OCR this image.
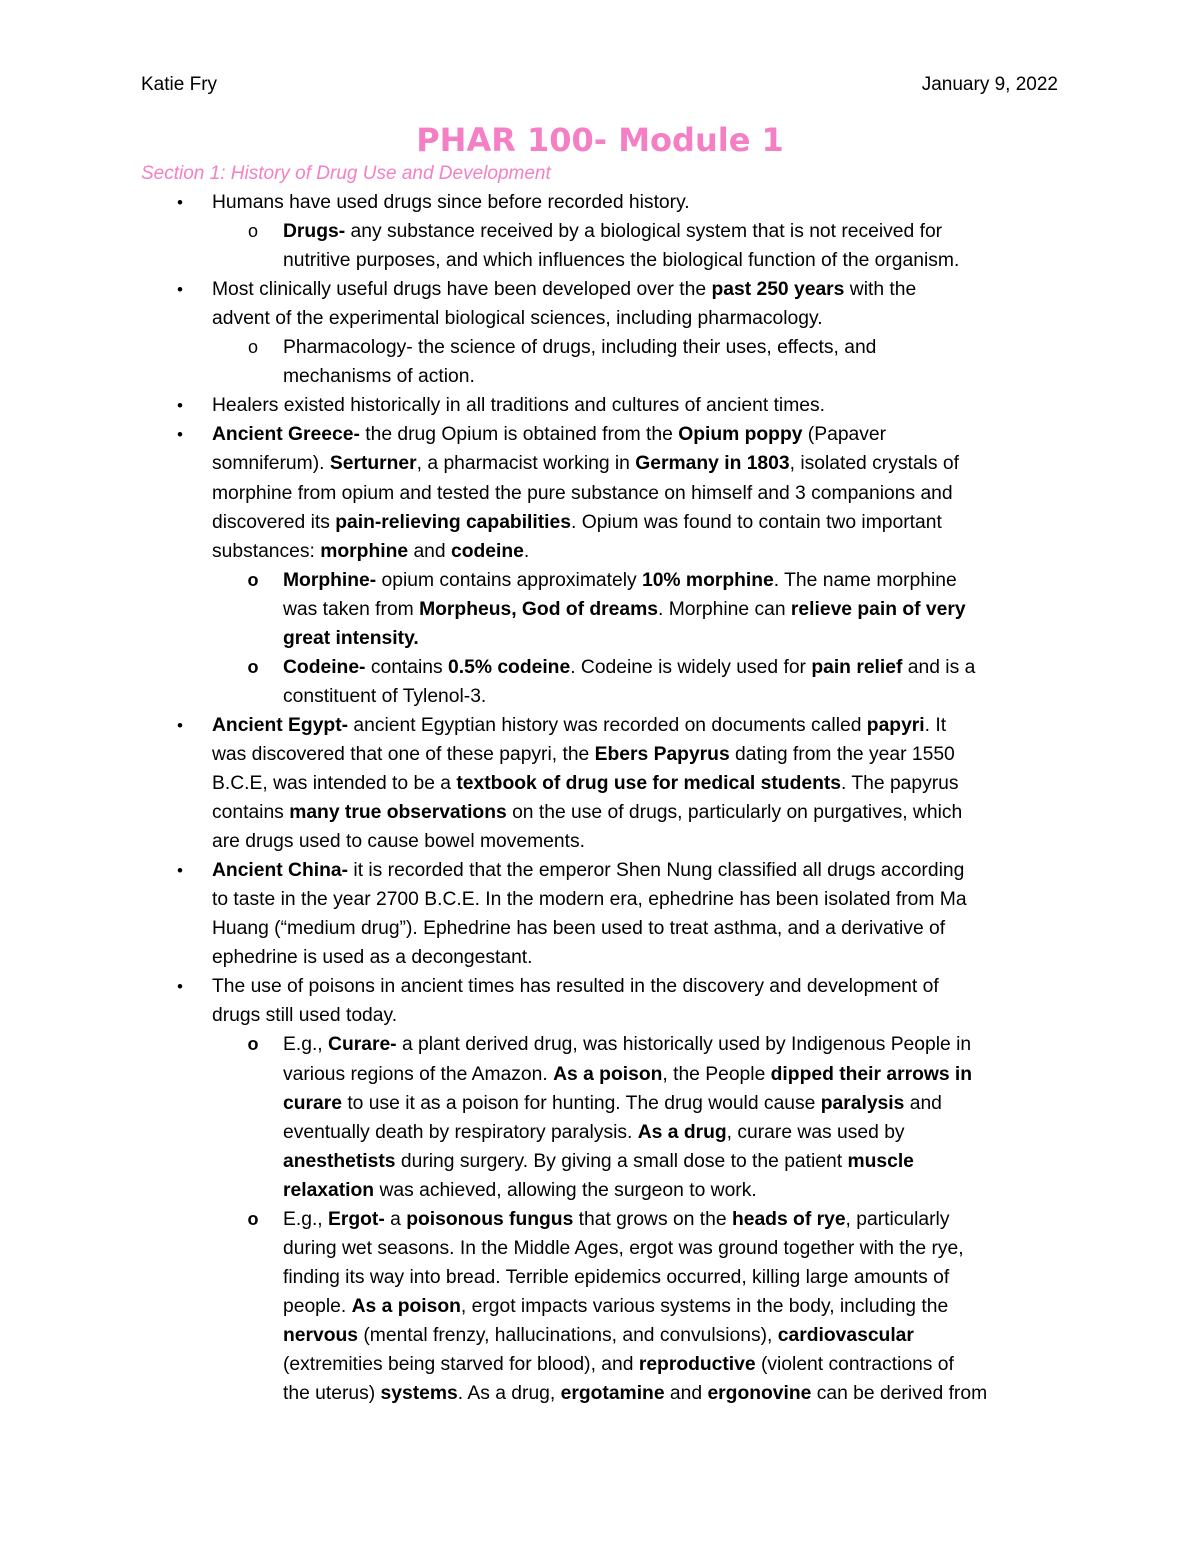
Katie Fry	January 9, 2022
PHAR 100- Module 1
Section 1: History of Drug Use and Development
•	Humans have used drugs since before recorded history.
o Drugs- any substance received by a biological system that is not received for
nutritive purposes, and which influences the biological function of the organism.
•	Most clinically useful drugs have been developed over the past 250 years with the
advent of the experimental biological sciences, including pharmacology.
o Pharmacology- the science of drugs, including their uses, effects, and
mechanisms of action.
•	Healers existed historically in all traditions and cultures of ancient times.
•	Ancient Greece- the drug Opium is obtained from the Opium poppy (Papaver
somniferum). Serturner, a pharmacist working in Germany in 1803, isolated crystals of
morphine from opium and tested the pure substance on himself and 3 companions and
discovered its pain-relieving capabilities. Opium was found to contain two important
substances: morphine and codeine.
o Morphine- opium contains approximately 10% morphine. The name morphine
was taken from Morpheus, God of dreams. Morphine can relieve pain of very
great intensity.
o Codeine- contains 0.5% codeine. Codeine is widely used for pain relief and is a
constituent of Tylenol-3.
•	Ancient Egypt- ancient Egyptian history was recorded on documents called papyri. It
was discovered that one of these papyri, the Ebers Papyrus dating from the year 1550
B.C.E, was intended to be a textbook of drug use for medical students. The papyrus
contains many true observations on the use of drugs, particularly on purgatives, which
are drugs used to cause bowel movements.
•	Ancient China- it is recorded that the emperor Shen Nung classified all drugs according
to taste in the year 2700 B.C.E. In the modern era, ephedrine has been isolated from Ma
Huang (“medium drug”). Ephedrine has been used to treat asthma, and a derivative of
ephedrine is used as a decongestant.
•	The use of poisons in ancient times has resulted in the discovery and development of
drugs still used today.
o E.g., Curare- a plant derived drug, was historically used by Indigenous People in
various regions of the Amazon. As a poison, the People dipped their arrows in
curare to use it as a poison for hunting. The drug would cause paralysis and
eventually death by respiratory paralysis. As a drug, curare was used by
anesthetists during surgery. By giving a small dose to the patient muscle
relaxation was achieved, allowing the surgeon to work.
o E.g., Ergot- a poisonous fungus that grows on the heads of rye, particularly
during wet seasons. In the Middle Ages, ergot was ground together with the rye,
finding its way into bread. Terrible epidemics occurred, killing large amounts of
people. As a poison, ergot impacts various systems in the body, including the
nervous (mental frenzy, hallucinations, and convulsions), cardiovascular
(extremities being starved for blood), and reproductive (violent contractions of
the uterus) systems. As a drug, ergotamine and ergonovine can be derived from
